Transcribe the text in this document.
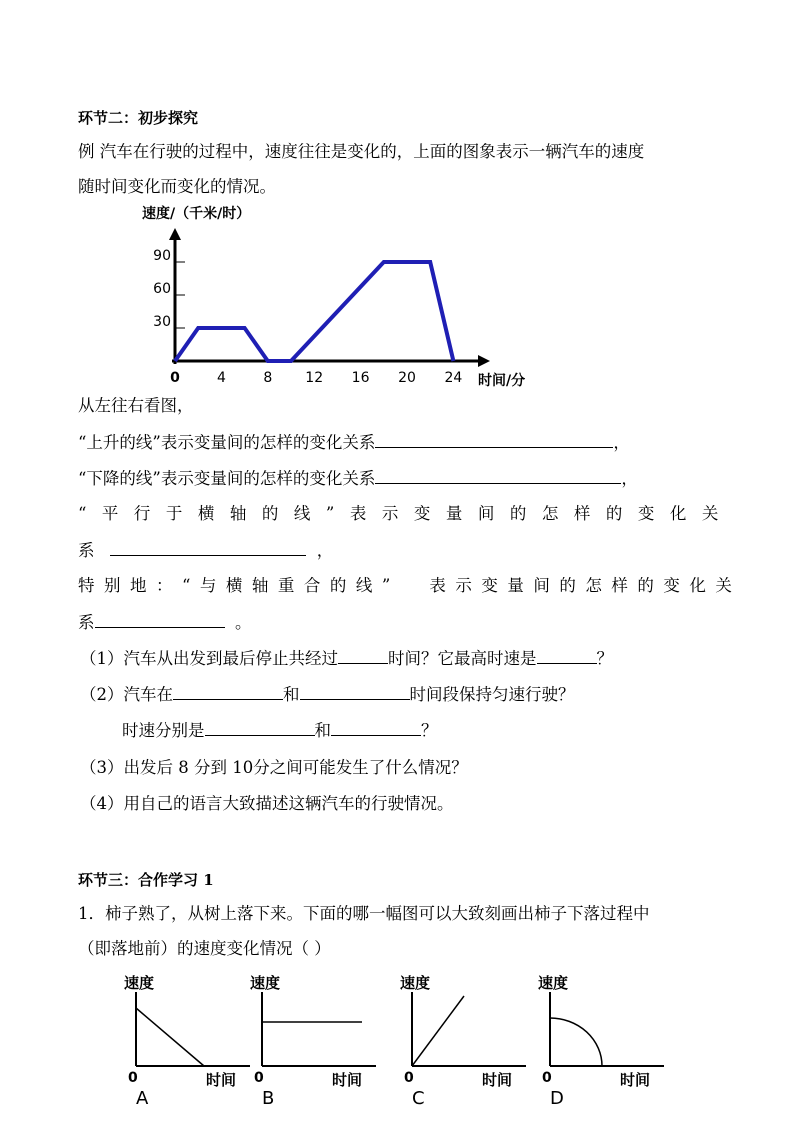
环节二：初步探究
例 汽车在行驶的过程中，速度往往是变化的，上面的图象表示一辆汽车的速度
随时间变化而变化的情况。
30
60
90
4	8 12 16 20 24
0
速度/（千米/时）
时间/分
从左往右看图，
“上升的线”表示变量间的怎样的变化关系	，
“下降的线”表示变量间的怎样的变化关系	，
“平行于横轴的线”表示变量间的怎样的变化关
系	，
特别地：“与横轴重合的线” 表示变量间的怎样的变化关
系	。
（1）汽车从出发到最后停止共经过	时间？它最高时速是	？
（2）汽车在	和	时间段保持匀速行驶？
时速分别是	和	？
（3）出发后 8 分到 10分之间可能发生了什么情况？
（4）用自己的语言大致描述这辆汽车的行驶情况。
环节三：合作学习 1
1．柿子熟了，从树上落下来。下面的哪一幅图可以大致刻画出柿子下落过程中
（即落地前）的速度变化情况（ ）
速度
时间
0
A
速度
时间
0
B
速度
时间
0
C
速度
时间
0
D
